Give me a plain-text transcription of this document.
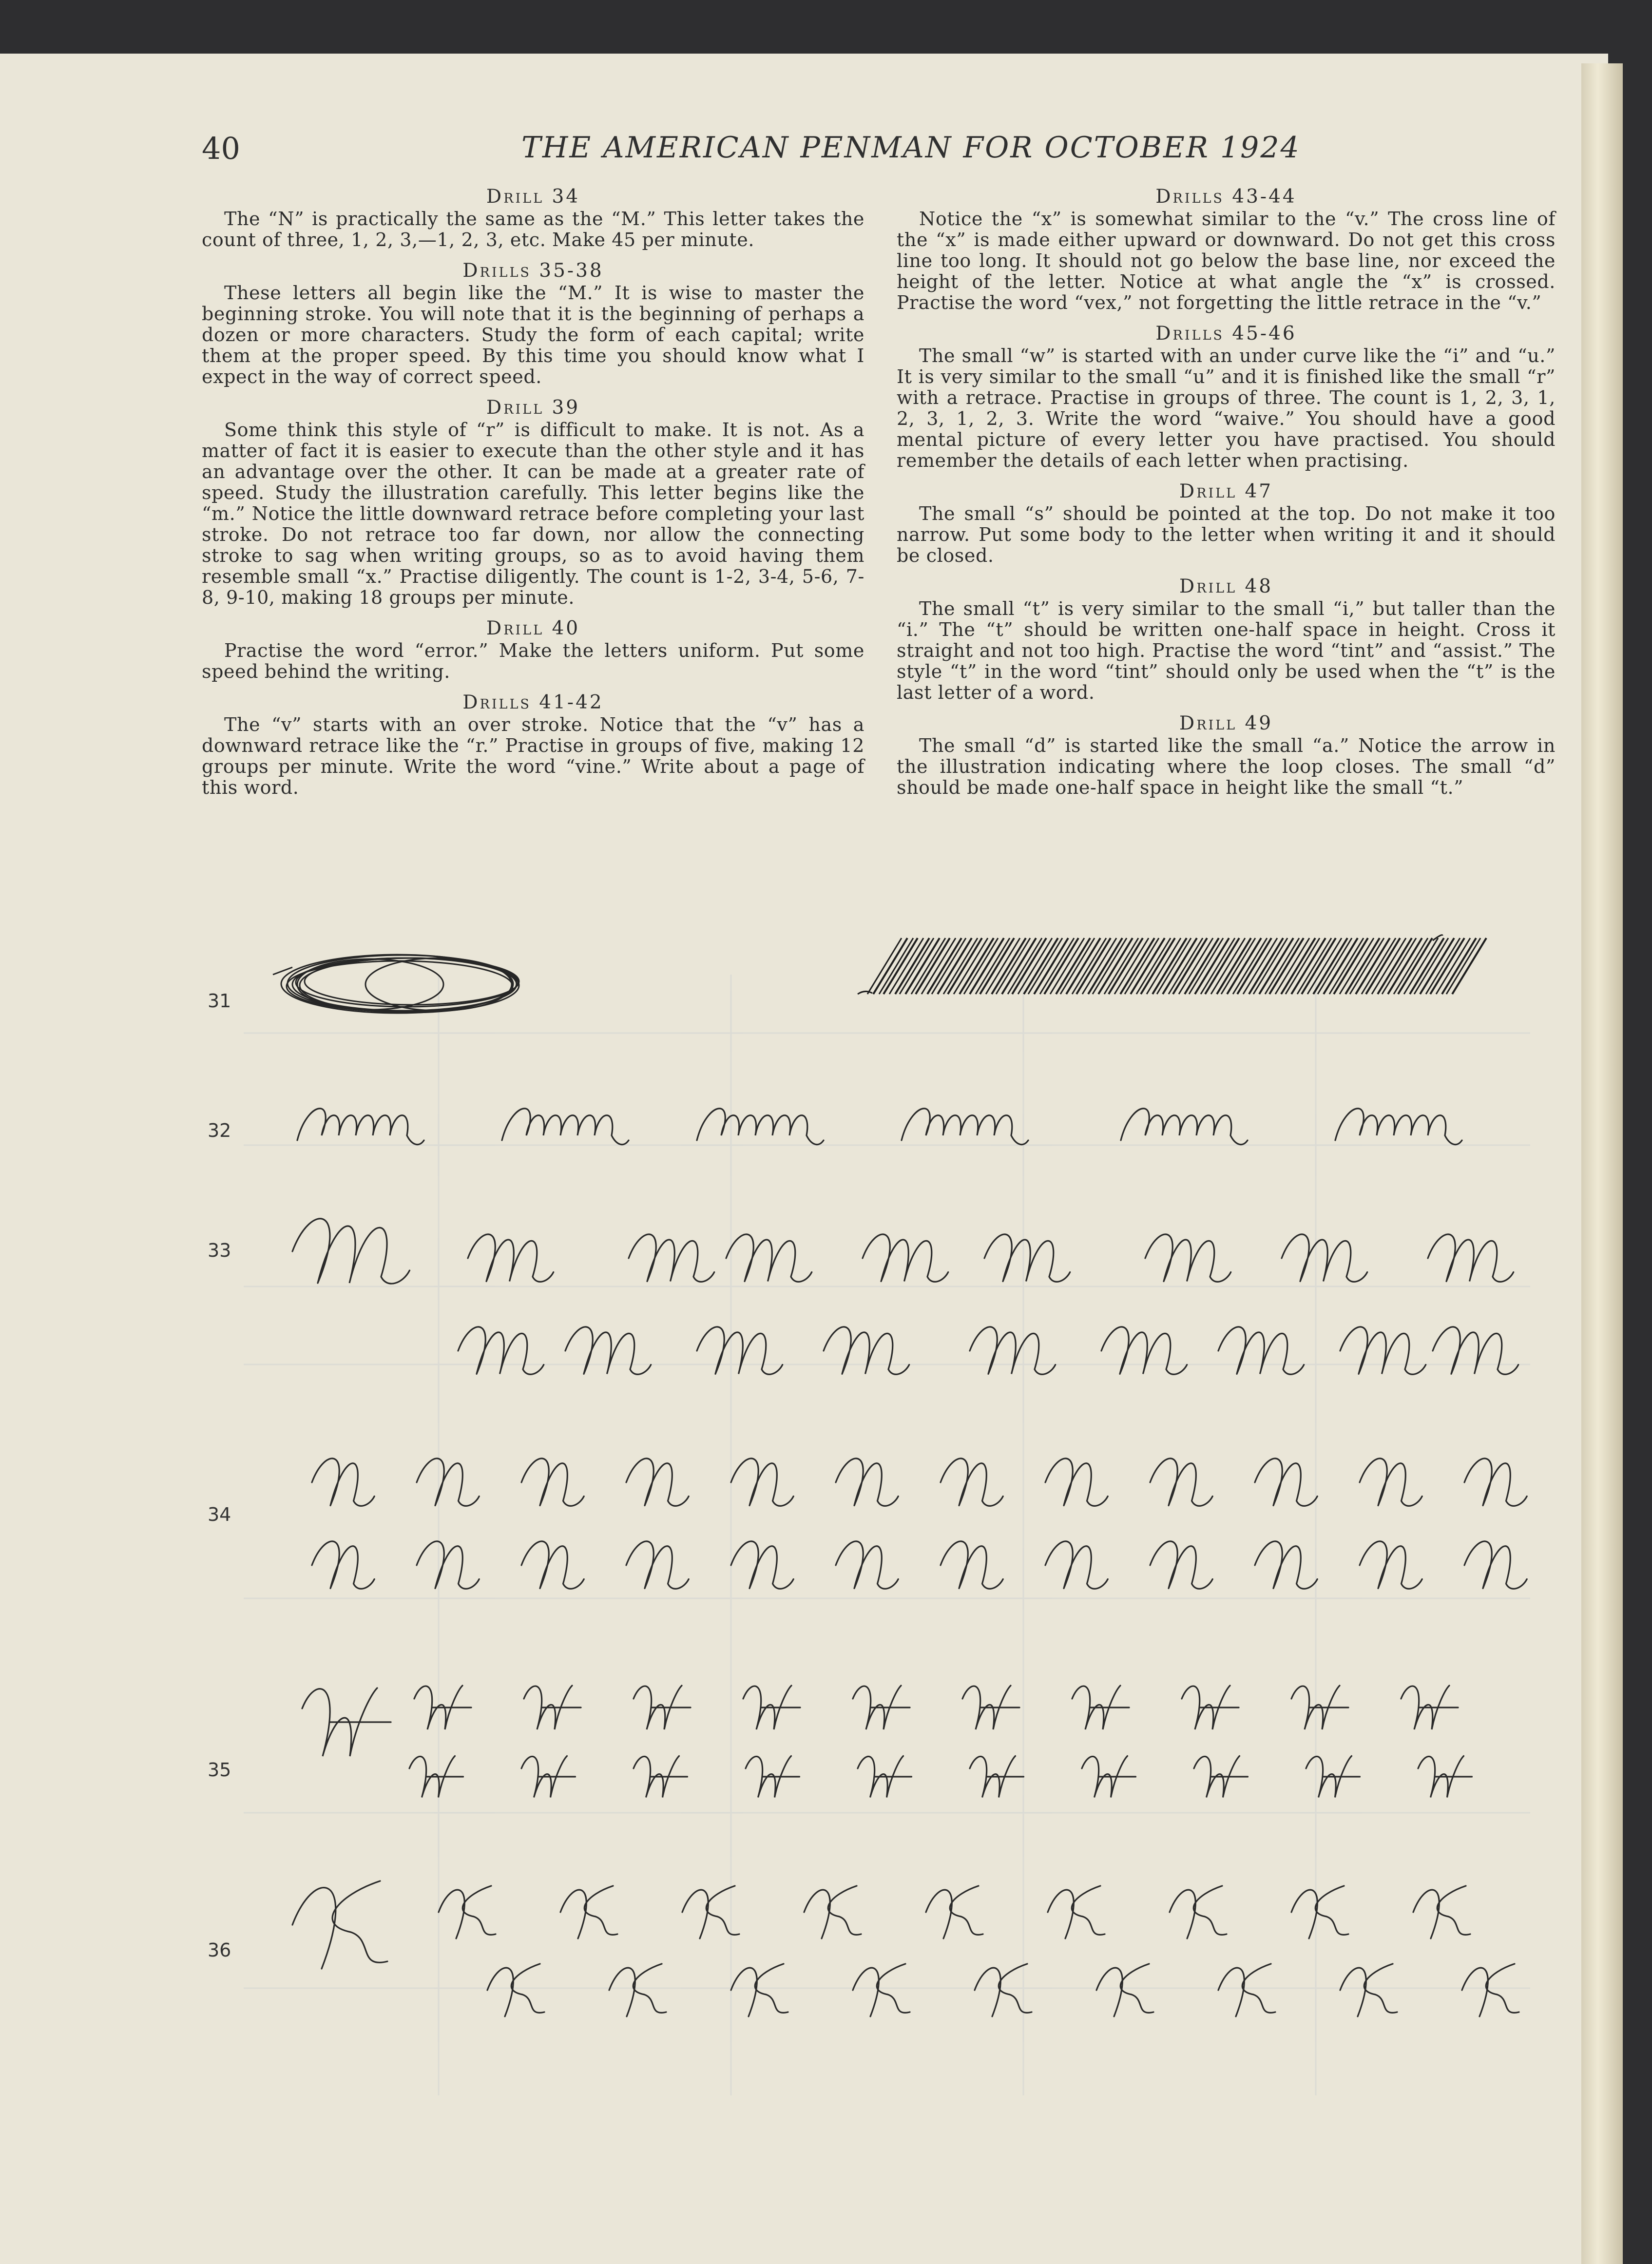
40	THE AMERICAN PENMAN FOR OCTOBER 1924

Drill 34

The “N” is practically the same as the “M.” This letter takes the count of three, 1, 2, 3,—1, 2, 3, etc. Make 45 per minute.

Drills 35-38

These letters all begin like the “M.” It is wise to master the beginning stroke. You will note that it is the beginning of perhaps a dozen or more characters. Study the form of each capital; write them at the proper speed. By this time you should know what I expect in the way of correct speed.

Drill 39

Some think this style of “r” is difficult to make. It is not. As a matter of fact it is easier to execute than the other style and it has an advantage over the other. It can be made at a greater rate of speed. Study the illustration carefully. This letter begins like the “m.” Notice the little downward retrace before completing your last stroke. Do not retrace too far down, nor allow the connecting stroke to sag when writing groups, so as to avoid having them resemble small “x.” Practise diligently. The count is 1-2, 3-4, 5-6, 7-8, 9-10, making 18 groups per minute.

Drill 40

Practise the word “error.” Make the letters uniform. Put some speed behind the writing.

Drills 41-42

The “v” starts with an over stroke. Notice that the “v” has a downward retrace like the “r.” Practise in groups of five, making 12 groups per minute. Write the word “vine.” Write about a page of this word.

Drills 43-44

Notice the “x” is somewhat similar to the “v.” The cross line of the “x” is made either upward or downward. Do not get this cross line too long. It should not go below the base line, nor exceed the height of the letter. Notice at what angle the “x” is crossed. Practise the word “vex,” not forgetting the little retrace in the “v.”

Drills 45-46

The small “w” is started with an under curve like the “i” and “u.” It is very similar to the small “u” and it is finished like the small “r” with a retrace. Practise in groups of three. The count is 1, 2, 3, 1, 2, 3, 1, 2, 3. Write the word “waive.” You should have a good mental picture of every letter you have practised. You should remember the details of each letter when practising.

Drill 47

The small “s” should be pointed at the top. Do not make it too narrow. Put some body to the letter when writing it and it should be closed.

Drill 48

The small “t” is very similar to the small “i,” but taller than the “i.” The “t” should be written one-half space in height. Cross it straight and not too high. Practise the word “tint” and “assist.” The style “t” in the word “tint” should only be used when the “t” is the last letter of a word.

Drill 49

The small “d” is started like the small “a.” Notice the arrow in the illustration indicating where the loop closes. The small “d” should be made one-half space in height like the small “t.”

31
32
33
34
35
36
